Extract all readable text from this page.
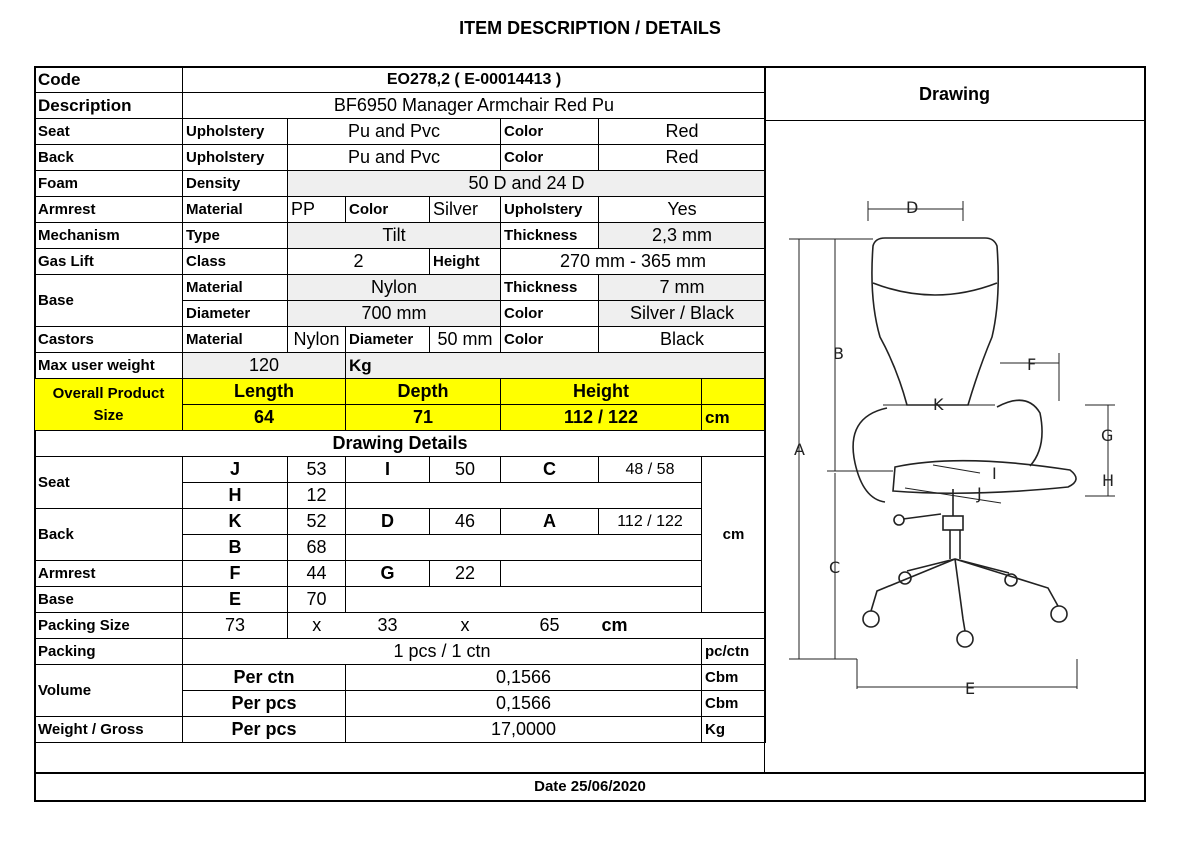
ITEM DESCRIPTION / DETAILS
Code	EO278,2 ( E-00014413 )						
Description	BF6950 Manager Armchair Red Pu						
Seat	Upholstery	Pu and Pvc			Color	Red	
Back	Upholstery	Pu and Pvc			Color	Red	
Foam	Density	50 D and 24 D					
Armrest	Material	PP	Color	Silver	Upholstery	Yes	
Mechanism	Type	Tilt			Thickness	2,3 mm	
Gas Lift	Class	2		Height	270 mm - 365 mm		
Base	Material	Nylon			Thickness	7 mm	
	Diameter	700 mm			Color	Silver / Black	
Castors	Material	Nylon	Diameter	50 mm	Color	Black	
Max user weight	120		Kg				
Overall Product Size	Length		Depth		Height		
	64		71		112 / 122		cm
Drawing Details							
Seat	J	53	I	50	C	48 / 58	cm
	H	12					
Back	K	52	D	46	A	112 / 122	
	B	68					
Armrest	F	44	G	22			
Base	E	70					
Packing Size	73	x	33	x	65	cm	
Packing	1 pcs / 1 ctn						pc/ctn
Volume	Per ctn		0,1566				Cbm
	Per pcs		0,1566				Cbm
Weight / Gross	Per pcs		17,0000				Kg
Drawing
D
A
B
C
E
F
G
H
I
J
K
Date 25/06/2020
